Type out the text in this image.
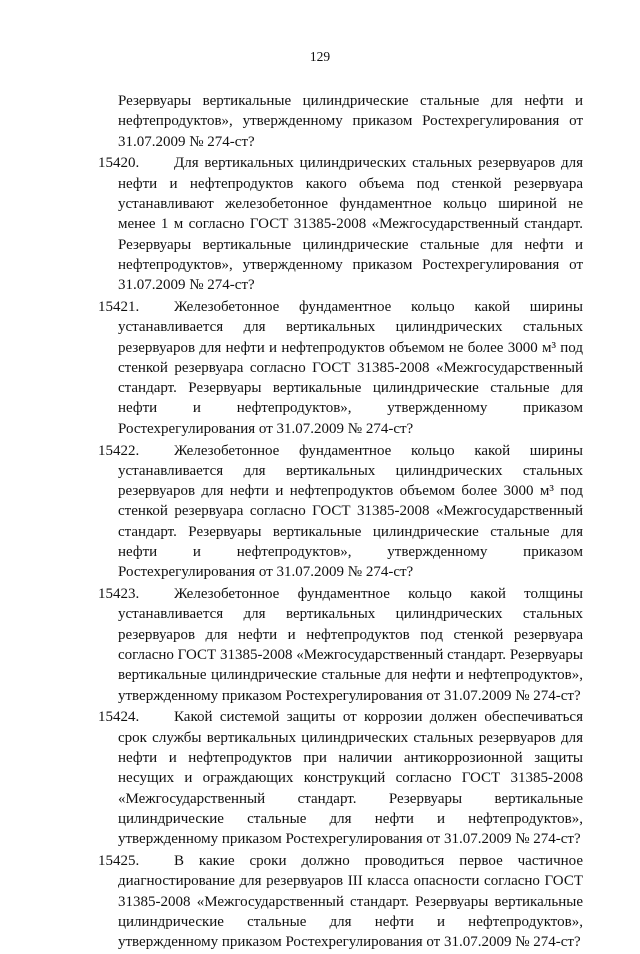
129
Резервуары вертикальные цилиндрические стальные для нефти и нефтепродуктов», утвержденному приказом Ростехрегулирования от 31.07.2009 № 274-ст?
15420.	Для вертикальных цилиндрических стальных резервуаров для нефти и нефтепродуктов какого объема под стенкой резервуара устанавливают железобетонное фундаментное кольцо шириной не менее 1 м согласно ГОСТ 31385-2008 «Межгосударственный стандарт. Резервуары вертикальные цилиндрические стальные для нефти и нефтепродуктов», утвержденному приказом Ростехрегулирования от 31.07.2009 № 274-ст?
15421.	Железобетонное фундаментное кольцо какой ширины устанавливается для вертикальных цилиндрических стальных резервуаров для нефти и нефтепродуктов объемом не более 3000 м³ под стенкой резервуара согласно ГОСТ 31385-2008 «Межгосударственный стандарт. Резервуары вертикальные цилиндрические стальные для нефти и нефтепродуктов», утвержденному приказом Ростехрегулирования от 31.07.2009 № 274-ст?
15422.	Железобетонное фундаментное кольцо какой ширины устанавливается для вертикальных цилиндрических стальных резервуаров для нефти и нефтепродуктов объемом более 3000 м³ под стенкой резервуара согласно ГОСТ 31385-2008 «Межгосударственный стандарт. Резервуары вертикальные цилиндрические стальные для нефти и нефтепродуктов», утвержденному приказом Ростехрегулирования от 31.07.2009 № 274-ст?
15423.	Железобетонное фундаментное кольцо какой толщины устанавливается для вертикальных цилиндрических стальных резервуаров для нефти и нефтепродуктов под стенкой резервуара согласно ГОСТ 31385-2008 «Межгосударственный стандарт. Резервуары вертикальные цилиндрические стальные для нефти и нефтепродуктов», утвержденному приказом Ростехрегулирования от 31.07.2009 № 274-ст?
15424.	Какой системой защиты от коррозии должен обеспечиваться срок службы вертикальных цилиндрических стальных резервуаров для нефти и нефтепродуктов при наличии антикоррозионной защиты несущих и ограждающих конструкций согласно ГОСТ 31385-2008 «Межгосударственный стандарт. Резервуары вертикальные цилиндрические стальные для нефти и нефтепродуктов», утвержденному приказом Ростехрегулирования от 31.07.2009 № 274-ст?
15425.	В какие сроки должно проводиться первое частичное диагностирование для резервуаров III класса опасности согласно ГОСТ 31385-2008 «Межгосударственный стандарт. Резервуары вертикальные цилиндрические стальные для нефти и нефтепродуктов», утвержденному приказом Ростехрегулирования от 31.07.2009 № 274-ст?
